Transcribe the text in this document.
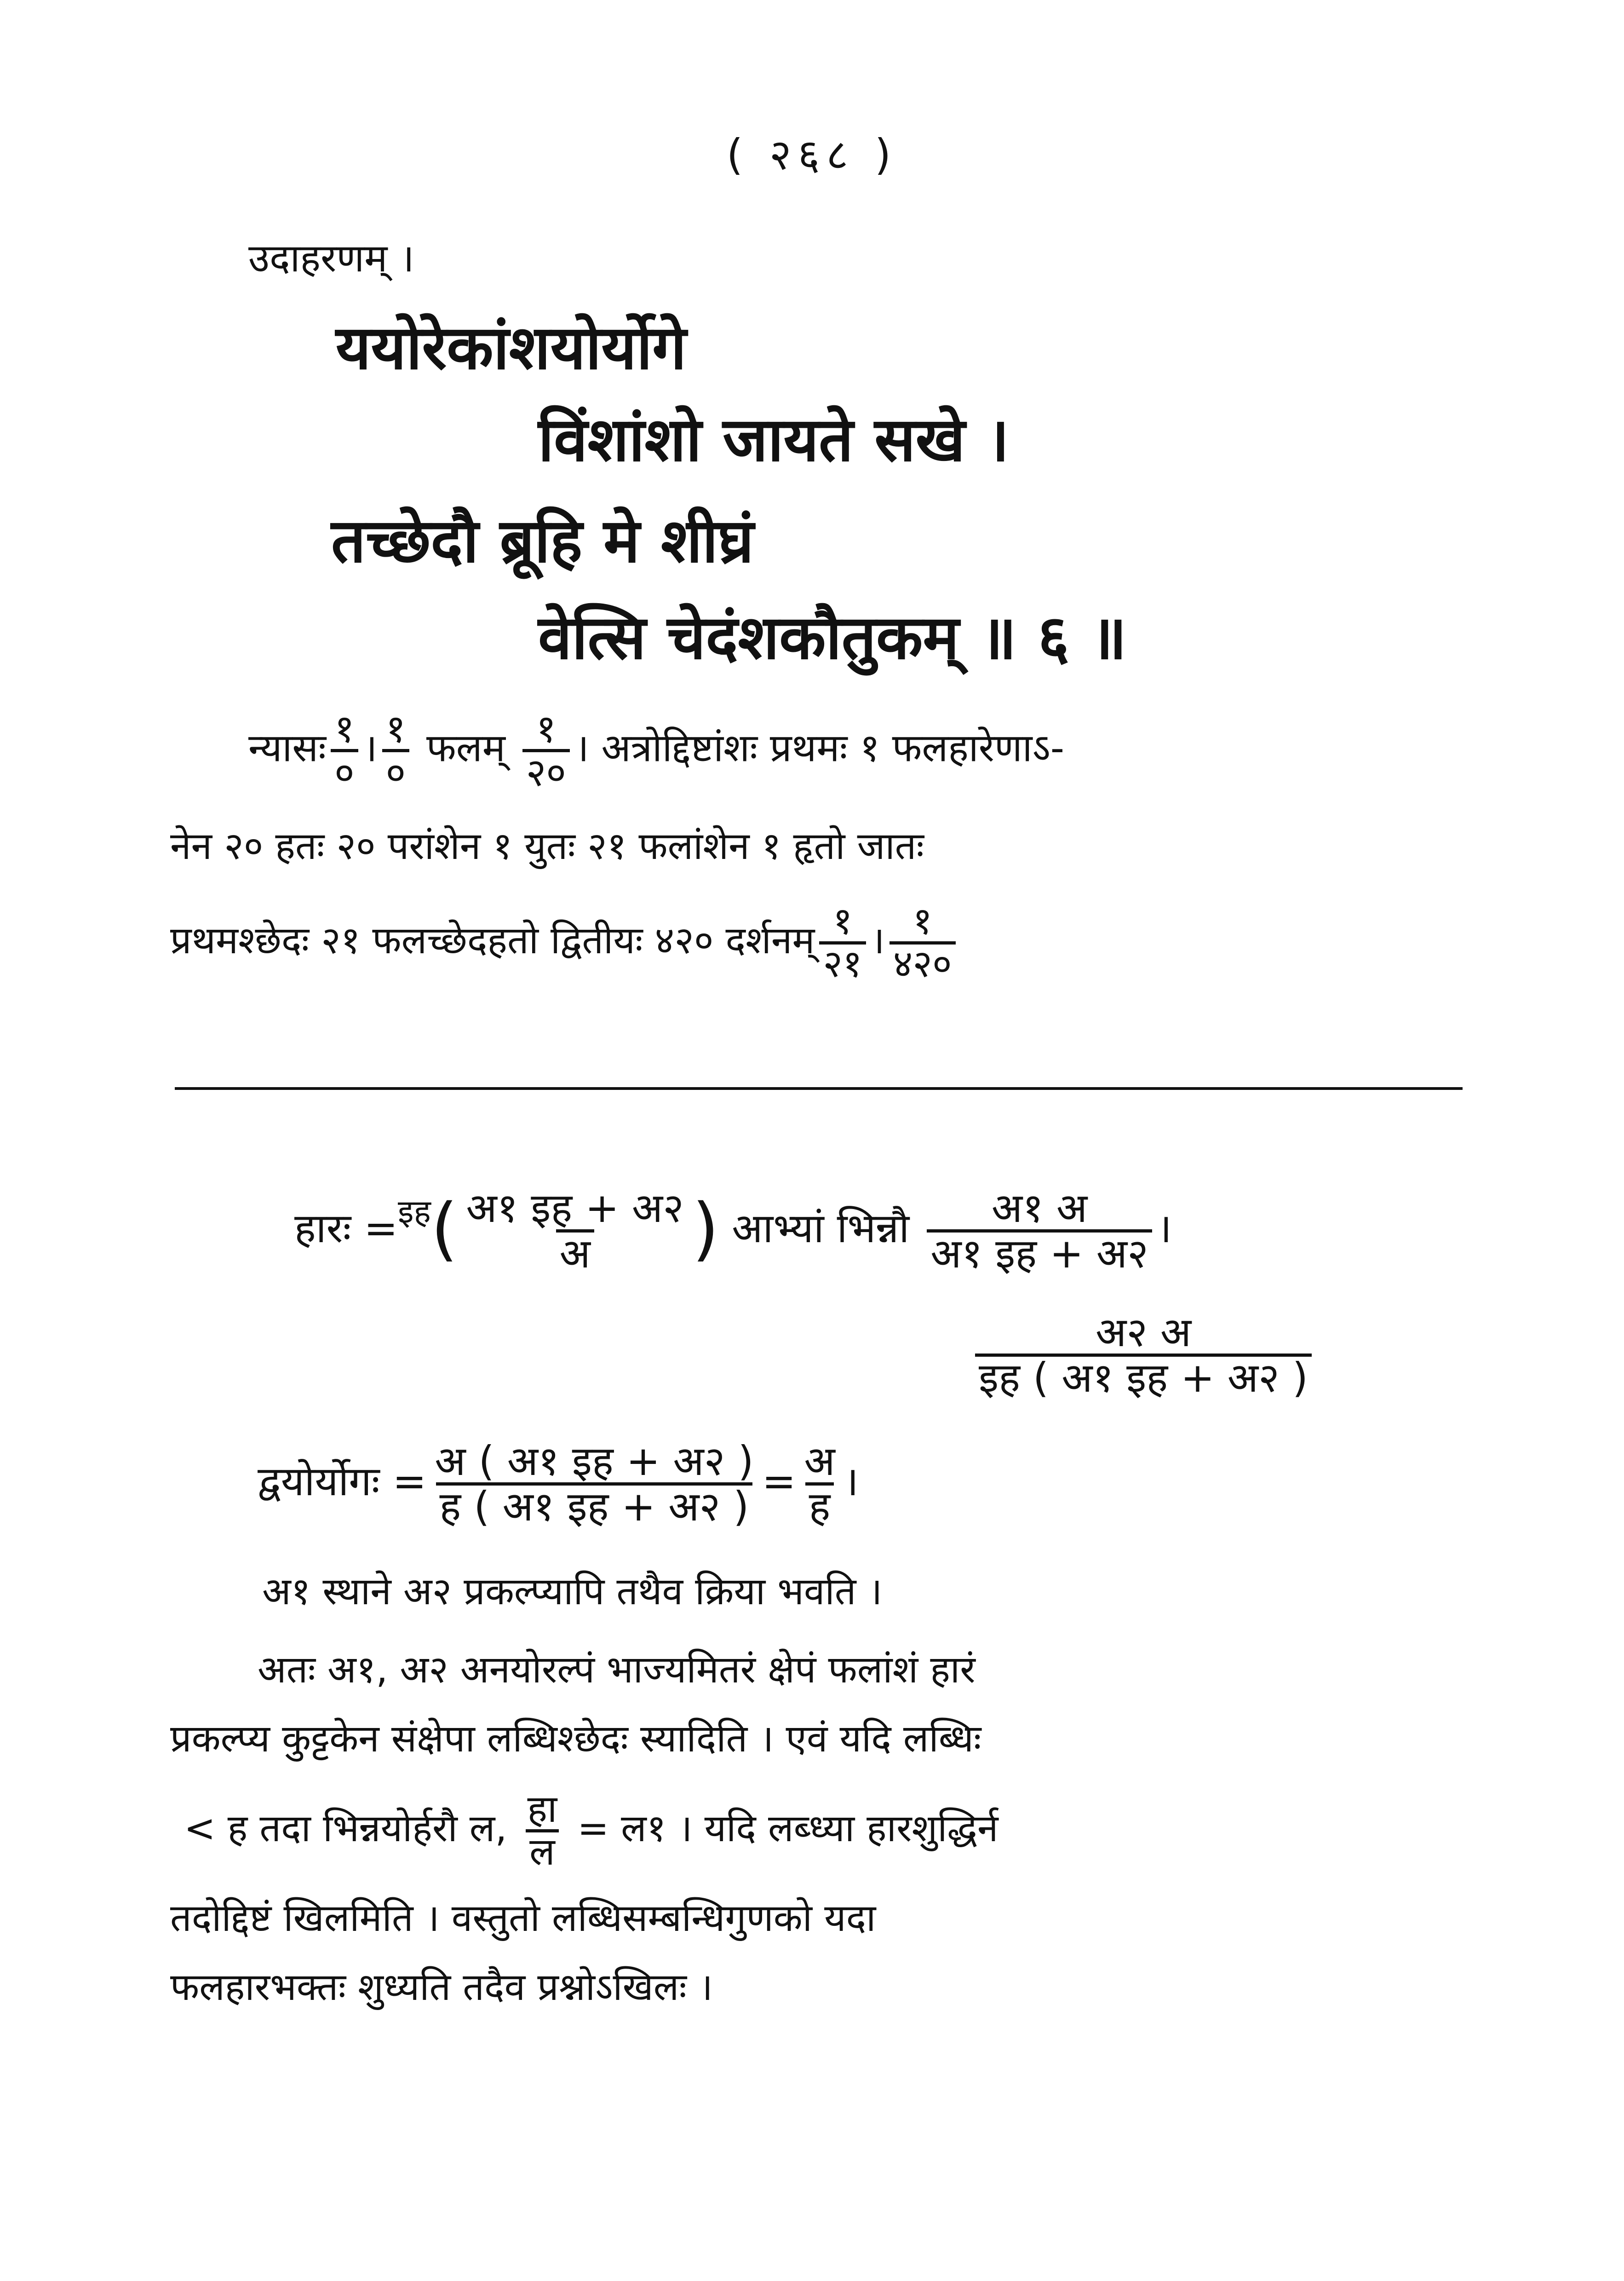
( २६८ )
उदाहरणम् ।
ययोरेकांशयोर्योगे
विंशांशो जायते सखे ।
तच्छेदौ ब्रूहि मे शीघ्रं
वेत्सि चेदंशकौतुकम् ॥ ६ ॥
न्यासः $\frac{१}{०}$ । $\frac{१}{०}$ फलम् $\frac{१}{२०}$ । अत्रोद्दिष्टांशः प्रथमः १ फलहारेणाऽ-
नेन २० हतः २० परांशेन १ युतः २१ फलांशेन १ हृतो जातः
प्रथमश्छेदः २१ फलच्छेदहतो द्वितीयः ४२० दर्शनम् $\frac{१}{२१}$ । $\frac{१}{४२०}$
हारः $=^{इह}( \frac{\text{अ१ इह + अ२}}{\text{अ}}$ ) आभ्यां भिन्नौ $\frac{\text{अ१ अ}}{\text{अ१ इह + अ२}}$ ।
$\frac{\text{अ२ अ}}{\text{इह ( अ१ इह + अ२ )}}$
द्वयोर्योगः = $\frac{\text{अ ( अ१ इह + अ२ )}}{\text{ह ( अ१ इह + अ२ )}} = \frac{\text{अ}}{\text{ह}}$ ।
अ१ स्थाने अ२ प्रकल्प्यापि तथैव क्रिया भवति ।
अतः अ१, अ२ अनयोरल्पं भाज्यमितरं क्षेपं फलांशं हारं
प्रकल्प्य कुट्टकेन संक्षेपा लब्धिश्छेदः स्यादिति । एवं यदि लब्धिः
< ह तदा भिन्नयोर्हरौ ल, $\frac{\text{हा}}{\text{ल}}$ = ल१ । यदि लब्ध्या हारशुद्धिर्न
तदोद्दिष्टं खिलमिति । वस्तुतो लब्धिसम्बन्धिगुणको यदा
फलहारभक्तः शुध्यति तदैव प्रश्नोऽखिलः ।
